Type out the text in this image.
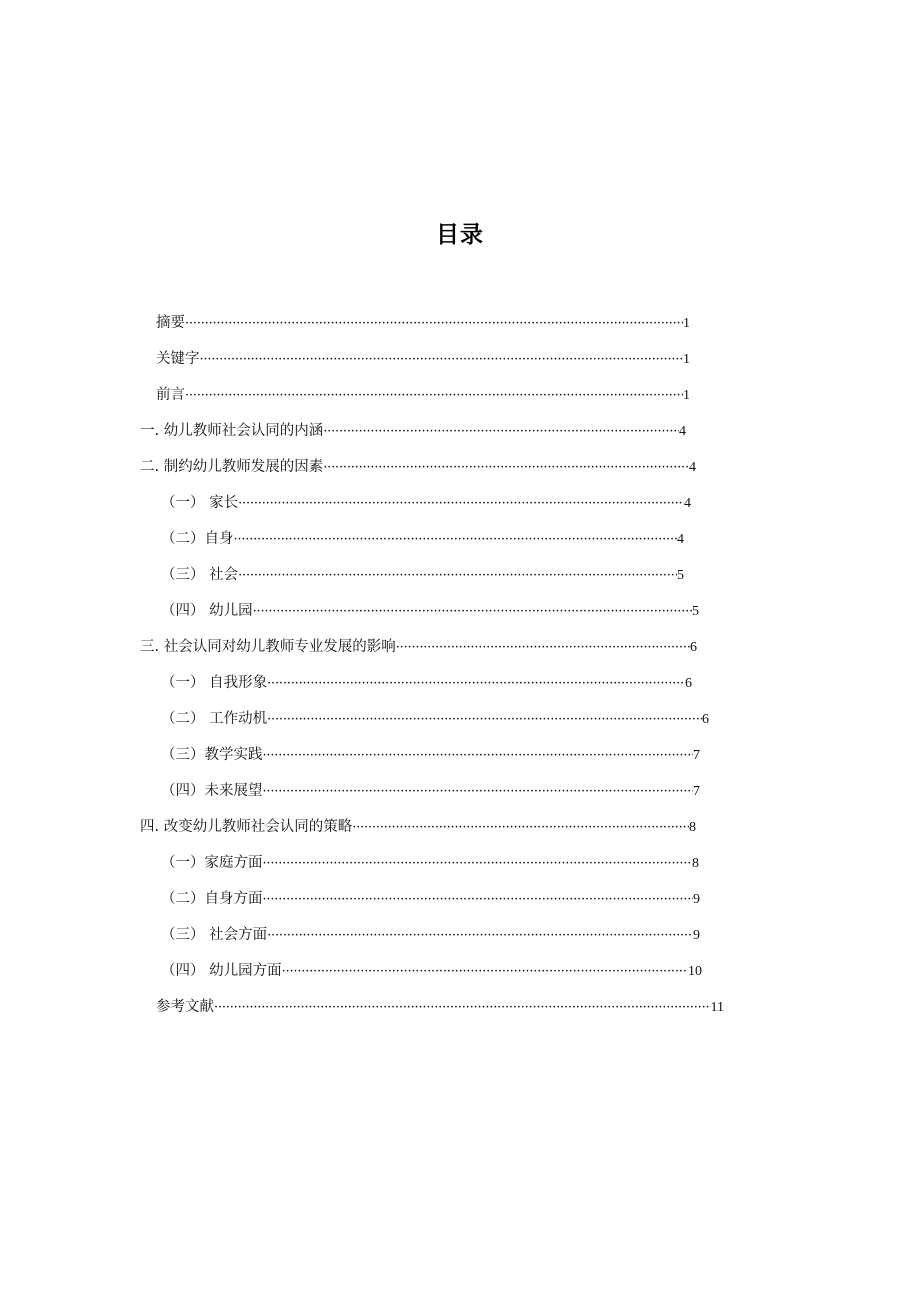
目录
摘要 ·····	1
关键字 ·····	1
前言 ·····	1
一. 幼儿教师社会认同的内涵 ·····	4
二. 制约幼儿教师发展的因素 ·····	4
（一） 家长 ·····	4
（二）自身 ·····	4
（三） 社会 ·····	5
（四） 幼儿园 ·····	5
三. 社会认同对幼儿教师专业发展的影响 ·····	6
（一） 自我形象 ·····	6
（二） 工作动机 ·····	6
（三）教学实践 ·····	7
（四）未来展望 ·····	7
四. 改变幼儿教师社会认同的策略 ·····	8
（一）家庭方面 ·····	8
（二）自身方面 ·····	9
（三） 社会方面 ·····	9
（四） 幼儿园方面 ·····	10
参考文献 ·····	11
